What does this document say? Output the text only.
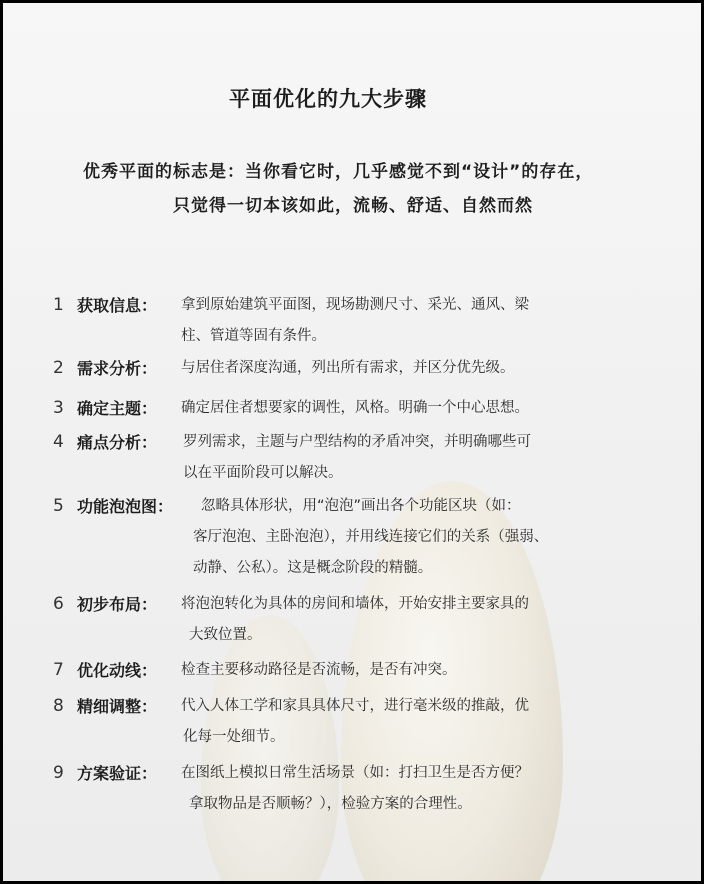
平面优化的九大步骤
优秀平面的标志是：当你看它时，几乎感觉不到“设计”的存在，
只觉得一切本该如此，流畅、舒适、自然而然
1 获取信息： 拿到原始建筑平面图，现场勘测尺寸、采光、通风、梁
柱、管道等固有条件。
2 需求分析： 与居住者深度沟通，列出所有需求，并区分优先级。
3 确定主题： 确定居住者想要家的调性，风格。明确一个中心思想。
4 痛点分析： 罗列需求，主题与户型结构的矛盾冲突，并明确哪些可
以在平面阶段可以解决。
5 功能泡泡图： 忽略具体形状，用“泡泡”画出各个功能区块（如：
客厅泡泡、主卧泡泡），并用线连接它们的关系（强弱、
动静、公私）。这是概念阶段的精髓。
6 初步布局： 将泡泡转化为具体的房间和墙体，开始安排主要家具的
大致位置。
7 优化动线： 检查主要移动路径是否流畅，是否有冲突。
8 精细调整： 代入人体工学和家具具体尺寸，进行毫米级的推敲，优
化每一处细节。
9 方案验证： 在图纸上模拟日常生活场景（如：打扫卫生是否方便？
拿取物品是否顺畅？），检验方案的合理性。
